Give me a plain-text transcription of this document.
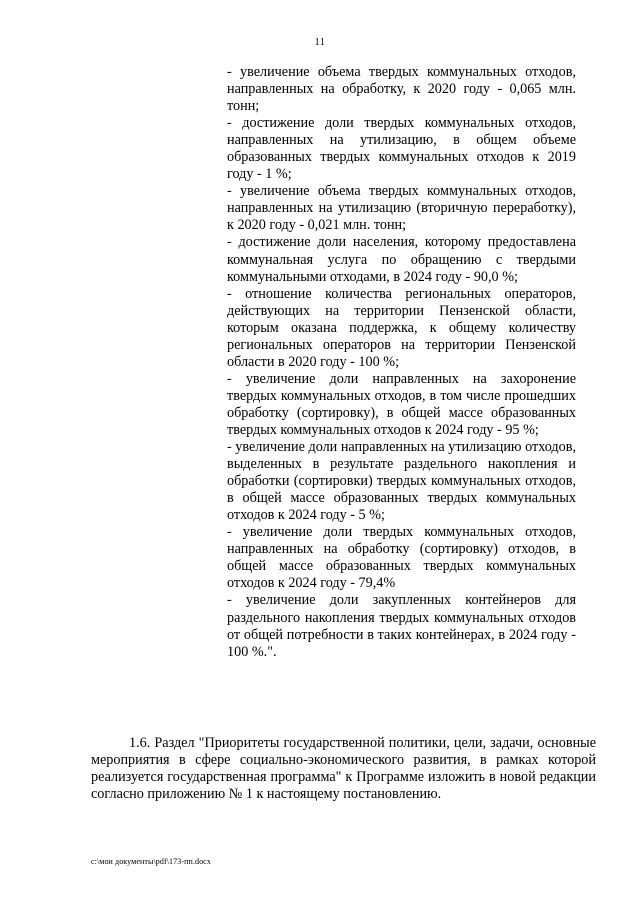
11

- увеличение объема твердых коммунальных отходов, направленных на обработку, к 2020 году - 0,065 млн. тонн;

- достижение доли твердых коммунальных отходов, направленных на утилизацию, в общем объеме образованных твердых коммунальных отходов к 2019 году - 1 %;

- увеличение объема твердых коммунальных отходов, направленных на утилизацию (вторичную переработку), к 2020 году - 0,021 млн. тонн;

- достижение доли населения, которому предоставлена коммунальная услуга по обращению с твердыми коммунальными отходами, в 2024 году - 90,0 %;

- отношение количества региональных операторов, действующих на территории Пензенской области, которым оказана поддержка, к общему количеству региональных операторов на территории Пензенской области в 2020 году - 100 %;

- увеличение доли направленных на захоронение твердых коммунальных отходов, в том числе прошедших обработку (сортировку), в общей массе образованных твердых коммунальных отходов к 2024 году - 95 %;

- увеличение доли направленных на утилизацию отходов, выделенных в результате раздельного накопления и обработки (сортировки) твердых коммунальных отходов, в общей массе образованных твердых коммунальных отходов к 2024 году - 5 %;

- увеличение доли твердых коммунальных отходов, направленных на обработку (сортировку) отходов, в общей массе образованных твердых коммунальных отходов к 2024 году - 79,4%

- увеличение доли закупленных контейнеров для раздельного накопления твердых коммунальных отходов от общей потребности в таких контейнерах, в 2024 году - 100 %.".

1.6. Раздел "Приоритеты государственной политики, цели, задачи, основные мероприятия в сфере социально-экономического развития, в рамках которой реализуется государственная программа" к Программе изложить в новой редакции согласно приложению № 1 к настоящему постановлению.

c:\мои документы\pdf\173-пп.docx
